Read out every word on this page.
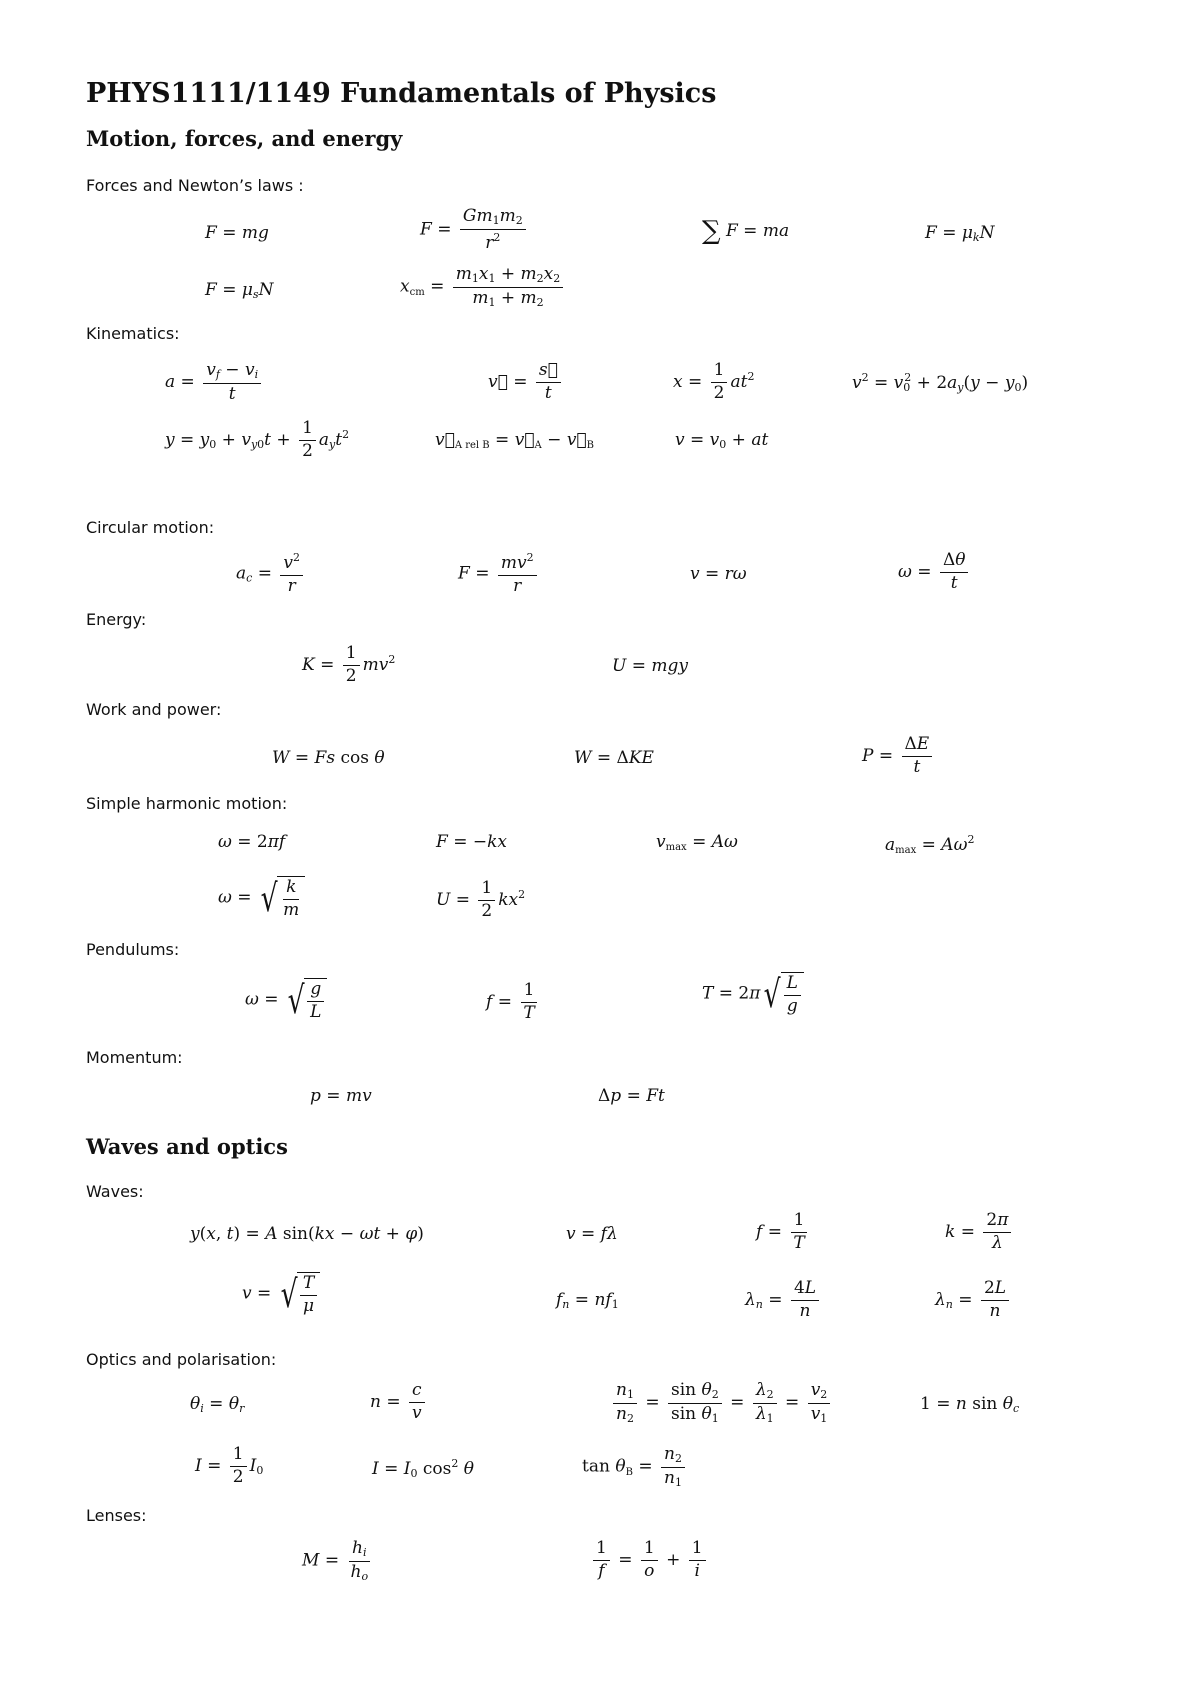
PHYS1111/1149 Fundamentals of Physics
Motion, forces, and energy

Forces and Newton’s laws :

F = mg	$F = \frac{Gm_1m_2}{r^2}$	∑ F = ma	$F = \mu_kN$
$F = \mu_sN$	$x_{cm} = \frac{m_1x_1 + m_2x_2}{m_1 + m_2}$

Kinematics:

$a = \frac{v_f - v_i}{t}$	v⃗ = $\frac{s⃗}{t}$	$x = \frac{1}{2} at^2$	$v^2 = v_0^2 + 2a_y(y - y_0)$
$y = y_0 + v_{y0}t + \frac{1}{2} a_yt^2$	$v⃗_{A rel B}$ = $v⃗_A$ − $v⃗_B$	$v = v_0$ + at

Circular motion:

$a_c = \frac{v^2}{r}$	$F = \frac{mv^2}{r}$	v = rω	$\omega = \frac{\Delta\theta}{t}$

Energy:

$K = \frac{1}{2} mv^2$	U = mgy

Work and power:

W = Fs cos θ	W = ΔKE	$P = \frac{\Delta E}{t}$

Simple harmonic motion:

ω = 2πf	F = −kx	$v_{max} = A\omega$	$a_{max} = A\omega^2$
ω = √ $\frac{k}{m}$	$U = \frac{1}{2} kx^2$

Pendulums:

ω = √ $\frac{g}{L}$	$f = \frac{1}{T}$	T = 2π √ $\frac{L}{g}$

Momentum:

p = mv	Δp = Ft
Waves and optics

Waves:

y(x, t) = A sin(kx − ωt + φ)	v = fλ	$f = \frac{1}{T}$	$k = \frac{2\pi}{\lambda}$
v = √ $\frac{T}{\mu}$	$f_n = nf_1$	$\lambda_n = \frac{4L}{n}$	$\lambda_n = \frac{2L}{n}$

Optics and polarisation:

$\theta_i = \theta_r$	$n = \frac{c}{v}$	$\frac{n_1}{n_2} = \frac{\sin \theta_2}{\sin \theta_1} = \frac{\lambda_2}{\lambda_1} = \frac{v_2}{v_1}$	1 = n $\sin \theta_c$
$I = \frac{1}{2} I_0$	$I = I_0$ $\cos^2 \theta$	$\tan \theta_B = \frac{n_2}{n_1}$

Lenses:

$M = \frac{h_i}{h_o}$	$\frac{1}{f} = \frac{1}{o} + \frac{1}{i}$
